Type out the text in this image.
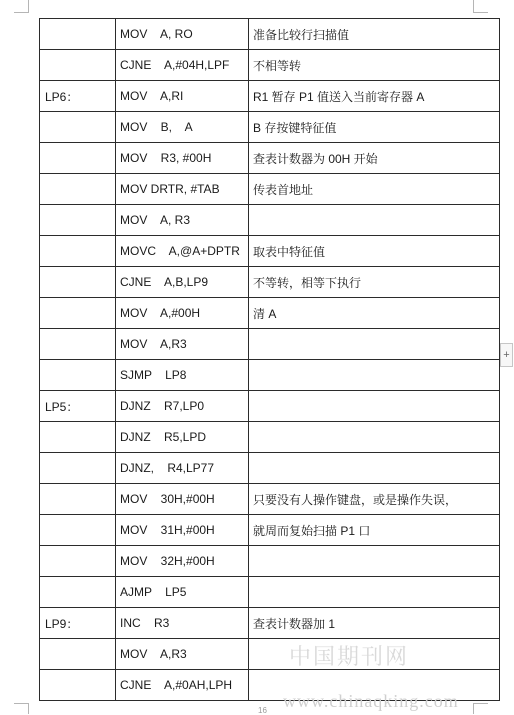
	MOV    A, RO	准备比较行扫描值
	CJNE    A,#04H,LPF	不相等转
LP6：	MOV    A,RI	R1 暂存 P1 值送入当前寄存器 A
	MOV    B,    A	B 存按键特征值
	MOV    R3, #00H	查表计数器为 00H 开始
	MOV DRTR, #TAB	传表首地址
	MOV    A, R3	
	MOVC    A,@A+DPTR	取表中特征值
	CJNE    A,B,LP9	不等转，相等下执行
	MOV    A,#00H	清 A
	MOV    A,R3	
	SJMP    LP8	
LP5：	DJNZ    R7,LP0	
	DJNZ    R5,LPD	
	DJNZ,    R4,LP77	
	MOV    30H,#00H	只要没有人操作键盘，或是操作失误，
	MOV    31H,#00H	就周而复始扫描 P1 口
	MOV    32H,#00H	
	AJMP    LP5	
LP9：	INC    R3	查表计数器加 1
	MOV    A,R3	
	CJNE    A,#0AH,LPH	
+
中国期刊网
www.chinaqking.com
16
